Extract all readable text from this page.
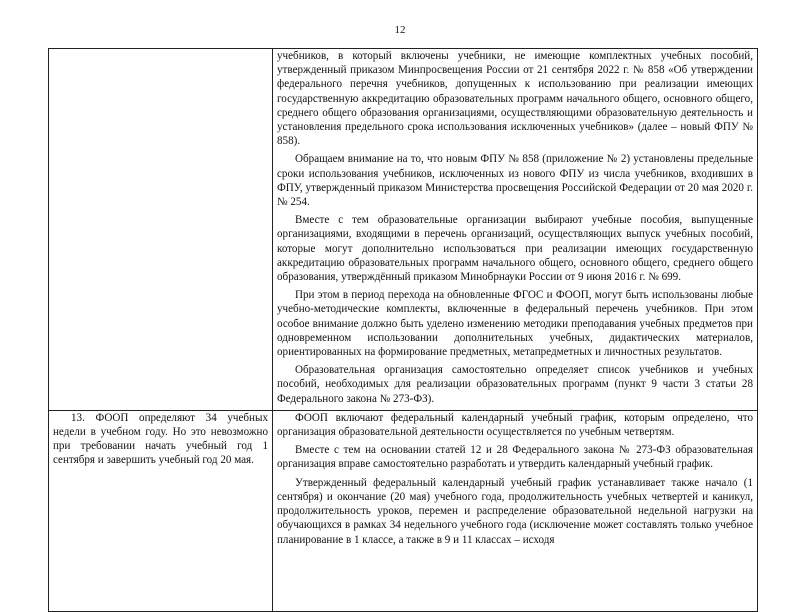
12

	учебников, в который включены учебники, не имеющие комплектных учебных пособий, утвержденный приказом Минпросвещения России от 21 сентября 2022 г. № 858 «Об утверждении федерального перечня учебников, допущенных к использованию при реализации имеющих государственную аккредитацию образовательных программ начального общего, основного общего, среднего общего образования организациями, осуществляющими образовательную деятельность и установления предельного срока использования исключенных учебников» (далее – новый ФПУ № 858).

Обращаем внимание на то, что новым ФПУ № 858 (приложение № 2) установлены предельные сроки использования учебников, исключенных из нового ФПУ из числа учебников, входивших в ФПУ, утвержденный приказом Министерства просвещения Российской Федерации от 20 мая 2020 г. № 254.

Вместе с тем образовательные организации выбирают учебные пособия, выпущенные организациями, входящими в перечень организаций, осуществляющих выпуск учебных пособий, которые могут дополнительно использоваться при реализации имеющих государственную аккредитацию образовательных программ начального общего, основного общего, среднего общего образования, утверждённый приказом Минобрнауки России от 9 июня 2016 г. № 699.

При этом в период перехода на обновленные ФГОС и ФООП, могут быть использованы любые учебно-методические комплекты, включенные в федеральный перечень учебников. При этом особое внимание должно быть уделено изменению методики преподавания учебных предметов при одновременном использовании дополнительных учебных, дидактических материалов, ориентированных на формирование предметных, метапредметных и личностных результатов.

Образовательная организация самостоятельно определяет список учебников и учебных пособий, необходимых для реализации образовательных программ (пункт 9 части 3 статьи 28 Федерального закона № 273-ФЗ).

13. ФООП определяют 34 учебных недели в учебном году. Но это невозможно при требовании начать учебный год 1 сентября и завершить учебный год 20 мая.	ФООП включают федеральный календарный учебный график, которым определено, что организация образовательной деятельности осуществляется по учебным четвертям.

Вместе с тем на основании статей 12 и 28 Федерального закона № 273-ФЗ образовательная организация вправе самостоятельно разработать и утвердить календарный учебный график.

Утвержденный федеральный календарный учебный график устанавливает также начало (1 сентября) и окончание (20 мая) учебного года, продолжительность учебных четвертей и каникул, продолжительность уроков, перемен и распределение образовательной недельной нагрузки на обучающихся в рамках 34 недельного учебного года (исключение может составлять только учебное планирование в 1 классе, а также в 9 и 11 классах – исходя
